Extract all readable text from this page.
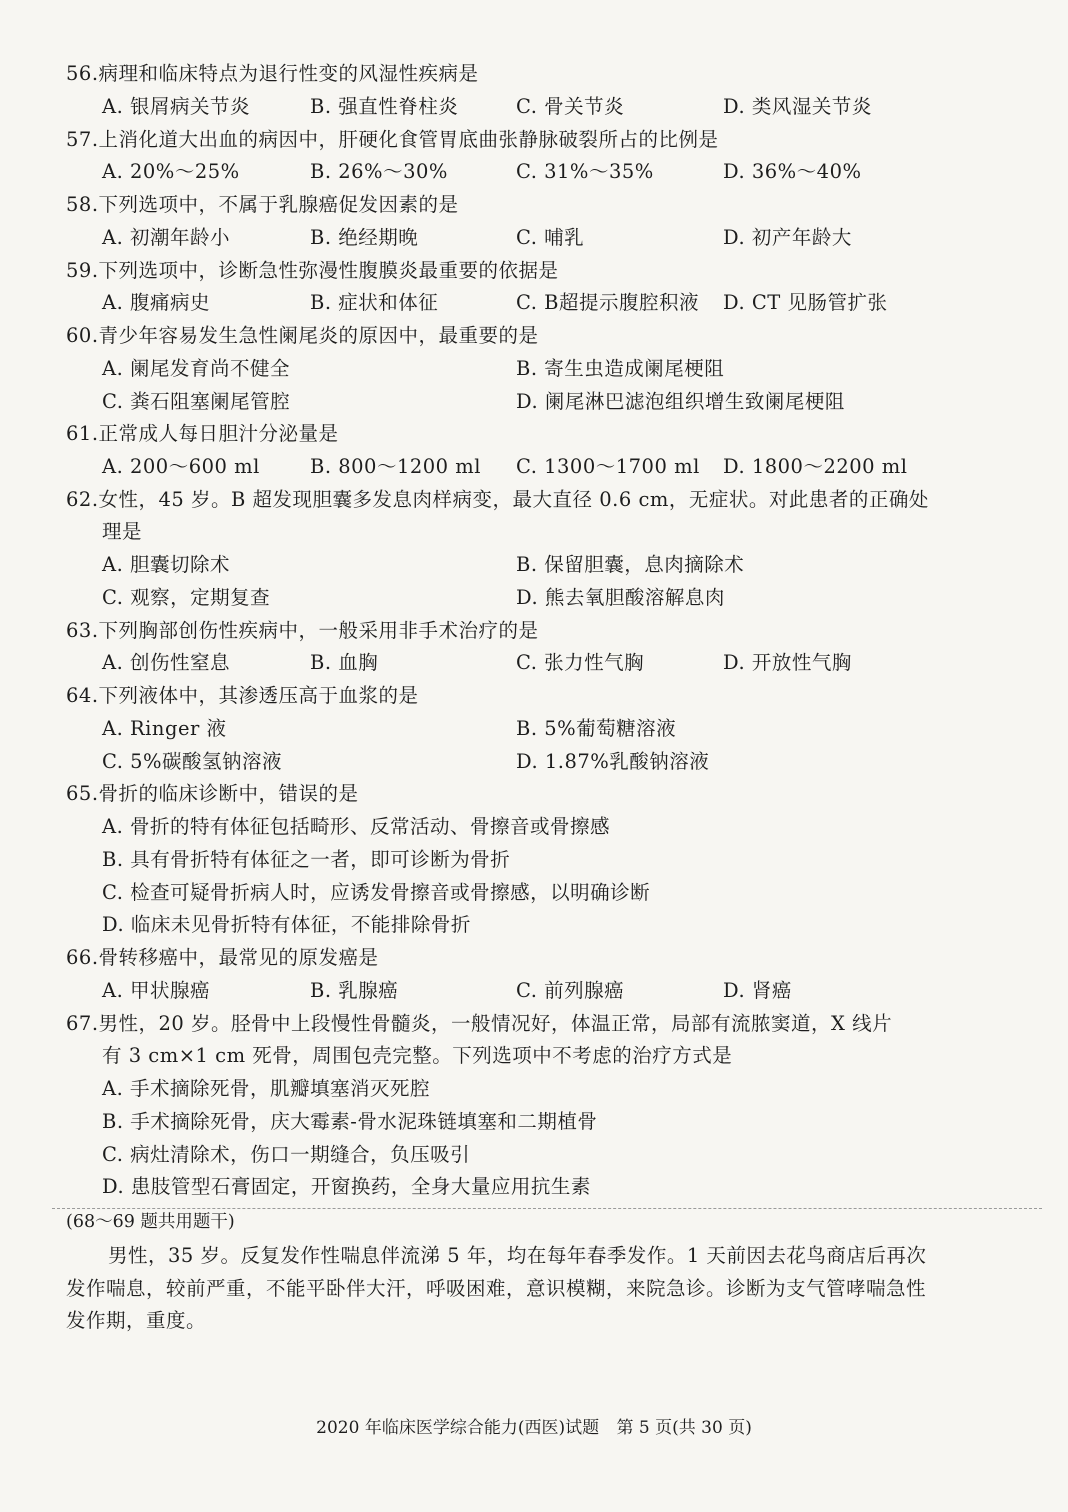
56.病理和临床特点为退行性变的风湿性疾病是
A. 银屑病关节炎	B. 强直性脊柱炎	C. 骨关节炎	D. 类风湿关节炎
57.上消化道大出血的病因中，肝硬化食管胃底曲张静脉破裂所占的比例是
A. 20%～25%	B. 26%～30%	C. 31%～35%	D. 36%～40%
58.下列选项中，不属于乳腺癌促发因素的是
A. 初潮年龄小	B. 绝经期晚	C. 哺乳	D. 初产年龄大
59.下列选项中，诊断急性弥漫性腹膜炎最重要的依据是
A. 腹痛病史	B. 症状和体征	C. B超提示腹腔积液 D. CT 见肠管扩张
60.青少年容易发生急性阑尾炎的原因中，最重要的是
A. 阑尾发育尚不健全	B. 寄生虫造成阑尾梗阻
C. 粪石阻塞阑尾管腔	D. 阑尾淋巴滤泡组织增生致阑尾梗阻
61.正常成人每日胆汁分泌量是
A. 200～600 ml	B. 800～1200 ml C. 1300～1700 ml D. 1800～2200 ml
62.女性，45 岁。B 超发现胆囊多发息肉样病变，最大直径 0.6 cm，无症状。对此患者的正确处
理是
A. 胆囊切除术	B. 保留胆囊，息肉摘除术
C. 观察，定期复查	D. 熊去氧胆酸溶解息肉
63.下列胸部创伤性疾病中，一般采用非手术治疗的是
A. 创伤性窒息	B. 血胸	C. 张力性气胸	D. 开放性气胸
64.下列液体中，其渗透压高于血浆的是
A. Ringer 液	B. 5%葡萄糖溶液
C. 5%碳酸氢钠溶液	D. 1.87%乳酸钠溶液
65.骨折的临床诊断中，错误的是
A. 骨折的特有体征包括畸形、反常活动、骨擦音或骨擦感
B. 具有骨折特有体征之一者，即可诊断为骨折
C. 检查可疑骨折病人时，应诱发骨擦音或骨擦感，以明确诊断
D. 临床未见骨折特有体征，不能排除骨折
66.骨转移癌中，最常见的原发癌是
A. 甲状腺癌	B. 乳腺癌	C. 前列腺癌	D. 肾癌
67.男性，20 岁。胫骨中上段慢性骨髓炎，一般情况好，体温正常，局部有流脓窦道，X 线片
有 3 cm×1 cm 死骨，周围包壳完整。下列选项中不考虑的治疗方式是
A. 手术摘除死骨，肌瓣填塞消灭死腔
B. 手术摘除死骨，庆大霉素-骨水泥珠链填塞和二期植骨
C. 病灶清除术，伤口一期缝合，负压吸引
D. 患肢管型石膏固定，开窗换药，全身大量应用抗生素
(68～69 题共用题干)
男性，35 岁。反复发作性喘息伴流涕 5 年，均在每年春季发作。1 天前因去花鸟商店后再次
发作喘息，较前严重，不能平卧伴大汗，呼吸困难，意识模糊，来院急诊。诊断为支气管哮喘急性
发作期，重度。
2020 年临床医学综合能力(西医)试题 第 5 页(共 30 页)
